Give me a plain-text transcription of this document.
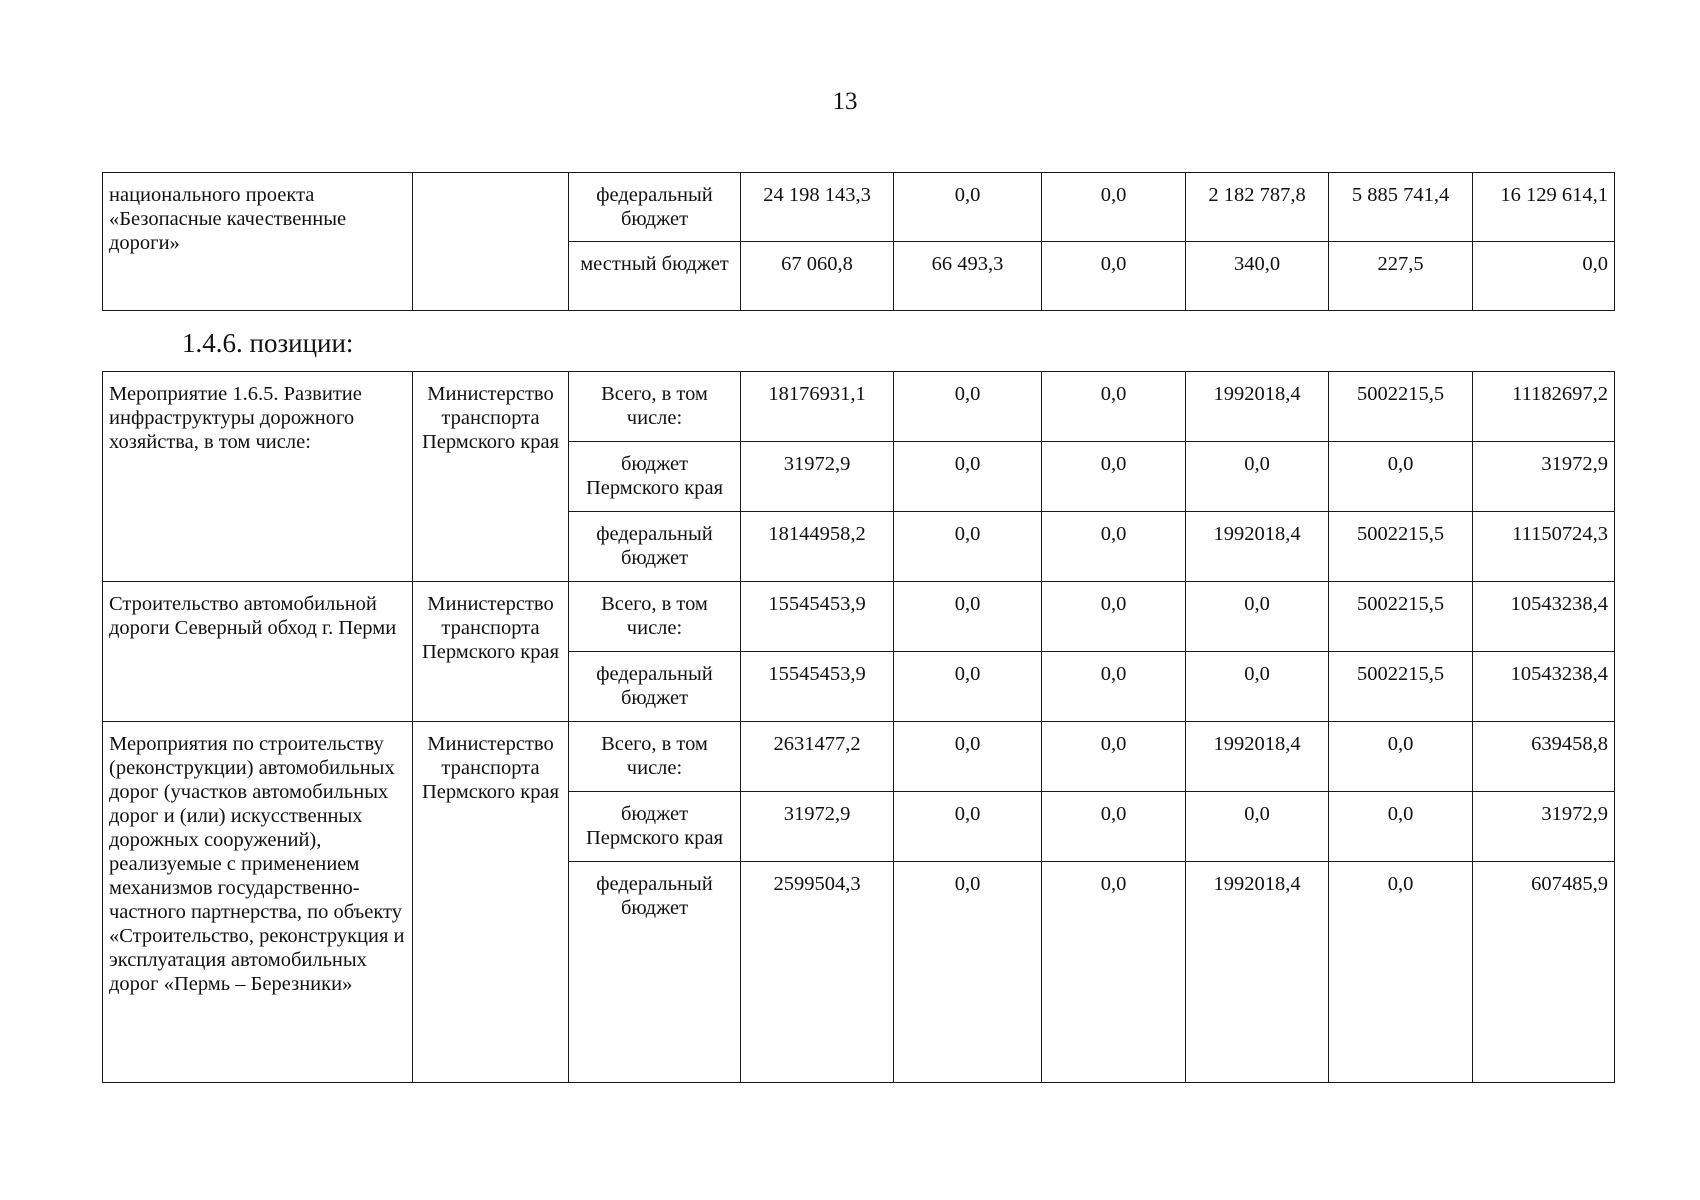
13
национального проекта «Безопасные качественные дороги»		федеральный бюджет	24 198 143,3	0,0	0,0	2 182 787,8	5 885 741,4	16 129 614,1
		местный бюджет	67 060,8	66 493,3	0,0	340,0	227,5	0,0
1.4.6. позиции:
Мероприятие 1.6.5. Развитие инфраструктуры дорожного хозяйства, в том числе:	Министерство транспорта Пермского края	Всего, в том числе:	18176931,1	0,0	0,0	1992018,4	5002215,5	11182697,2
		бюджет Пермского края	31972,9	0,0	0,0	0,0	0,0	31972,9
		федеральный бюджет	18144958,2	0,0	0,0	1992018,4	5002215,5	11150724,3
Строительство автомобильной дороги Северный обход г. Перми	Министерство транспорта Пермского края	Всего, в том числе:	15545453,9	0,0	0,0	0,0	5002215,5	10543238,4
		федеральный бюджет	15545453,9	0,0	0,0	0,0	5002215,5	10543238,4
Мероприятия по строительству (реконструкции) автомобильных дорог (участков автомобильных дорог и (или) искусственных дорожных сооружений), реализуемые с применением механизмов государственно-частного партнерства, по объекту «Строительство, реконструкция и эксплуатация автомобильных дорог «Пермь – Березники»	Министерство транспорта Пермского края	Всего, в том числе:	2631477,2	0,0	0,0	1992018,4	0,0	639458,8
		бюджет Пермского края	31972,9	0,0	0,0	0,0	0,0	31972,9
		федеральный бюджет	2599504,3	0,0	0,0	1992018,4	0,0	607485,9
